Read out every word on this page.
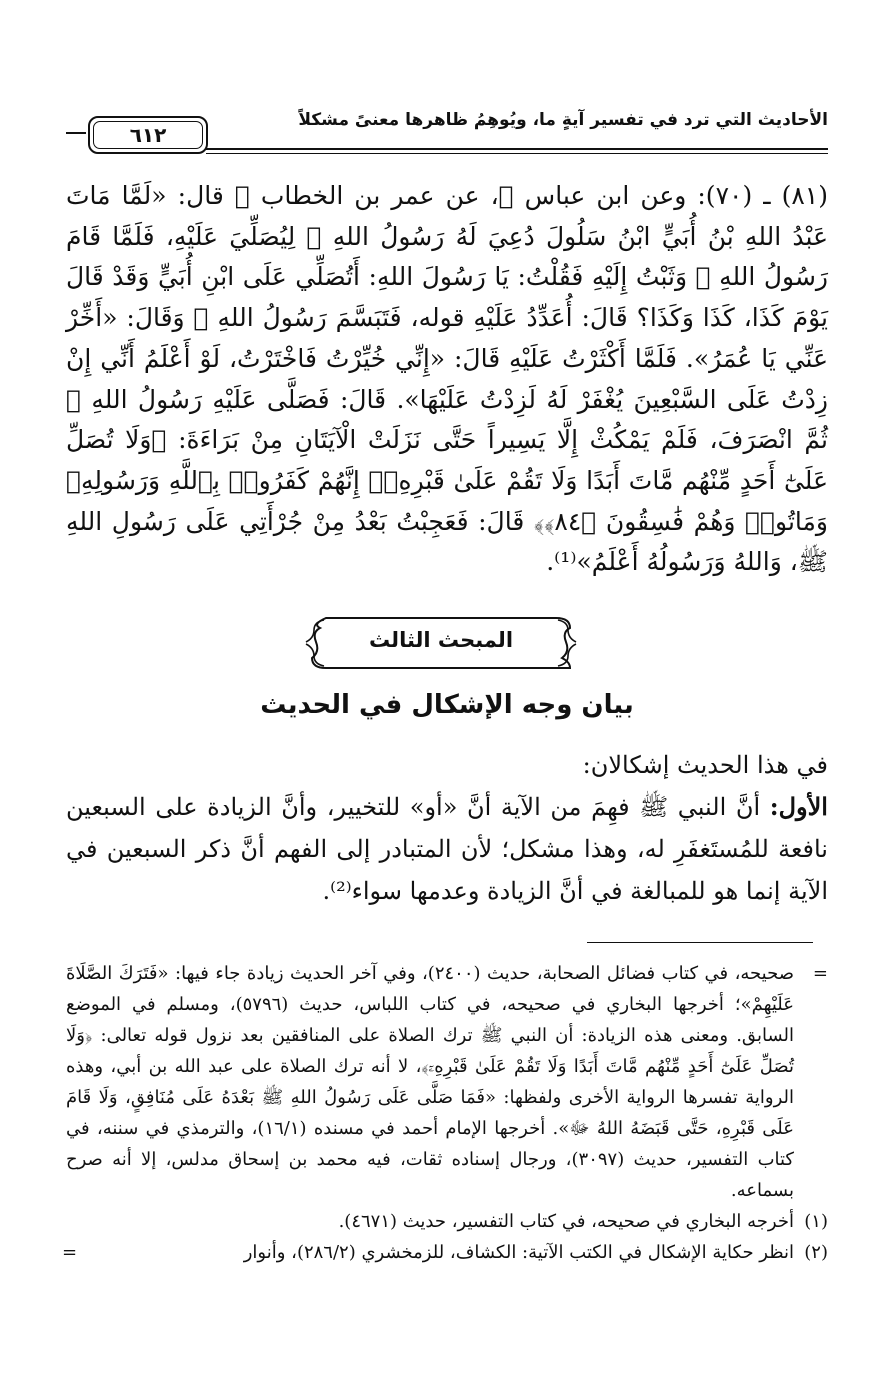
الأحاديث التي ترد في تفسير آيةٍ ما، ويُوهِمُ ظاهرها معنىً مشكلاً
٦١٢

(٨١) ـ (٧٠): وعن ابن عباس ﷺ، عن عمر بن الخطاب ﷺ قال: «لَمَّا مَاتَ عَبْدُ اللهِ بْنُ أُبَيٍّ ابْنُ سَلُولَ دُعِيَ لَهُ رَسُولُ اللهِ ﷺ لِيُصَلِّيَ عَلَيْهِ، فَلَمَّا قَامَ رَسُولُ اللهِ ﷺ وَثَبْتُ إِلَيْهِ فَقُلْتُ: يَا رَسُولَ اللهِ: أَتُصَلِّي عَلَى ابْنِ أُبَيٍّ وَقَدْ قَالَ يَوْمَ كَذَا، كَذَا وَكَذَا؟ قَالَ: أُعَدِّدُ عَلَيْهِ قوله، فَتَبَسَّمَ رَسُولُ اللهِ ﷺ وَقَالَ: «أَخِّرْ عَنِّي يَا عُمَرُ». فَلَمَّا أَكْثَرْتُ عَلَيْهِ قَالَ: «إِنِّي خُيِّرْتُ فَاخْتَرْتُ، لَوْ أَعْلَمُ أَنِّي إِنْ زِدْتُ عَلَى السَّبْعِينَ يُغْفَرْ لَهُ لَزِدْتُ عَلَيْهَا». قَالَ: فَصَلَّى عَلَيْهِ رَسُولُ اللهِ ﷺ ثُمَّ انْصَرَفَ، فَلَمْ يَمْكُثْ إِلَّا يَسِيراً حَتَّى نَزَلَتْ الْآيَتَانِ مِنْ بَرَاءَةَ: ﴿وَلَا تُصَلِّ عَلَىٰٓ أَحَدٍ مِّنْهُم مَّاتَ أَبَدًا وَلَا تَقُمْ عَلَىٰ قَبْرِهِۦٓ إِنَّهُمْ كَفَرُوا۟ بِٱللَّهِ وَرَسُولِهِۦ وَمَاتُوا۟ وَهُمْ فَٰسِقُونَ ﴿٨٤﴾﴾ قَالَ: فَعَجِبْتُ بَعْدُ مِنْ جُرْأَتِي عَلَى رَسُولِ اللهِ ﷺ، وَاللهُ وَرَسُولُهُ أَعْلَمُ»⁽¹⁾.

المبحث الثالث
بيان وجه الإشكال في الحديث

في هذا الحديث إشكالان:

الأول: أنَّ النبي ﷺ فهِمَ من الآية أنَّ «أو» للتخيير، وأنَّ الزيادة على السبعين نافعة للمُستَغفَرِ له، وهذا مشكل؛ لأن المتبادر إلى الفهم أنَّ ذكر السبعين في الآية إنما هو للمبالغة في أنَّ الزيادة وعدمها سواء⁽²⁾.

=
صحيحه، في كتاب فضائل الصحابة، حديث (٢٤٠٠)، وفي آخر الحديث زيادة جاء فيها: «فَتَرَكَ الصَّلَاةَ عَلَيْهِمْ»؛ أخرجها البخاري في صحيحه، في كتاب اللباس، حديث (٥٧٩٦)، ومسلم في الموضع السابق. ومعنى هذه الزيادة: أن النبي ﷺ ترك الصلاة على المنافقين بعد نزول قوله تعالى: ﴿وَلَا تُصَلِّ عَلَىٰٓ أَحَدٍ مِّنْهُم مَّاتَ أَبَدًا وَلَا تَقُمْ عَلَىٰ قَبْرِهِۦٓ﴾، لا أنه ترك الصلاة على عبد الله بن أبي، وهذه الرواية تفسرها الرواية الأخرى ولفظها: «فَمَا صَلَّى عَلَى رَسُولُ اللهِ ﷺ بَعْدَهُ عَلَى مُنَافِقٍ، وَلَا قَامَ عَلَى قَبْرِهِ، حَتَّى قَبَضَهُ اللهُ ﷻ». أخرجها الإمام أحمد في مسنده (١٦/١)، والترمذي في سننه، في كتاب التفسير، حديث (٣٠٩٧)، ورجال إسناده ثقات، فيه محمد بن إسحاق مدلس، إلا أنه صرح بسماعه.

(١)
أخرجه البخاري في صحيحه، في كتاب التفسير، حديث (٤٦٧١).

(٢)
انظر حكاية الإشكال في الكتب الآتية: الكشاف، للزمخشري (٢٨٦/٢)، وأنوار
=
